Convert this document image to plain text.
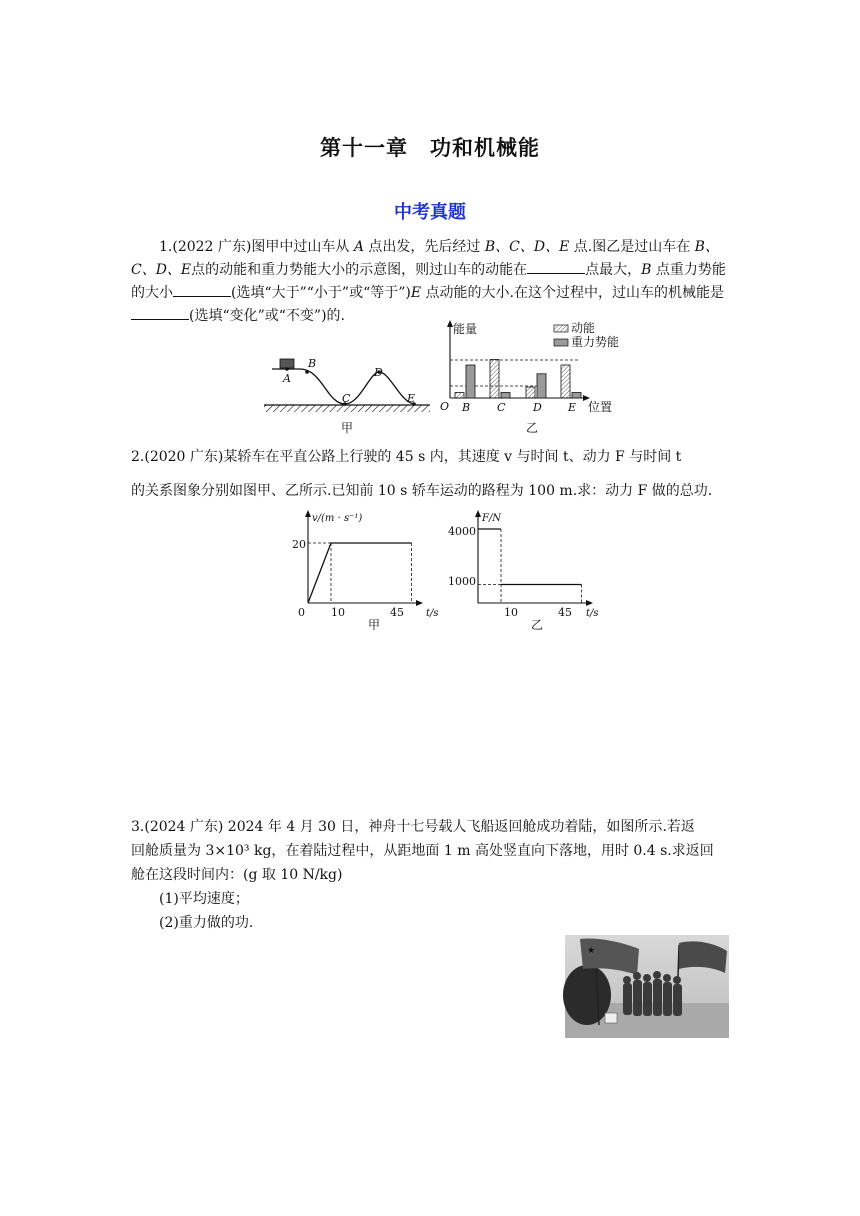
第十一章　功和机械能
中考真题
1.(2022 广东)图甲中过山车从 A 点出发，先后经过 B、C、D、E 点.图乙是过山车在 B、C、D、E点的动能和重力势能大小的示意图，则过山车的动能在	点最大，B 点重力势能的大小	(选填“大于”“小于”或“等于”)E 点动能的大小.在这个过程中，过山车的机械能是(选填“变化”或“不变”)的.
A
B
C
D
E
甲
能量
O	位置
动能
重力势能
B C	D E
乙
2.(2020 广东)某轿车在平直公路上行驶的 45 s 内，其速度 v 与时间 t、动力 F 与时间 t
的关系图象分别如图甲、乙所示.已知前 10 s 轿车运动的路程为 100 m.求：动力 F 做的总功.
v/(m · s⁻¹)
t/s
0
20
10	45
甲
F/N
t/s
4000
1000
10	45
乙
3.(2024 广东) 2024 年 4 月 30 日，神舟十七号载人飞船返回舱成功着陆，如图所示.若返
回舱质量为 3×10³ kg，在着陆过程中，从距地面 1 m 高处竖直向下落地，用时 0.4 s.求返回
舱在这段时间内：(g 取 10 N/kg)
(1)平均速度；
(2)重力做的功.
★
